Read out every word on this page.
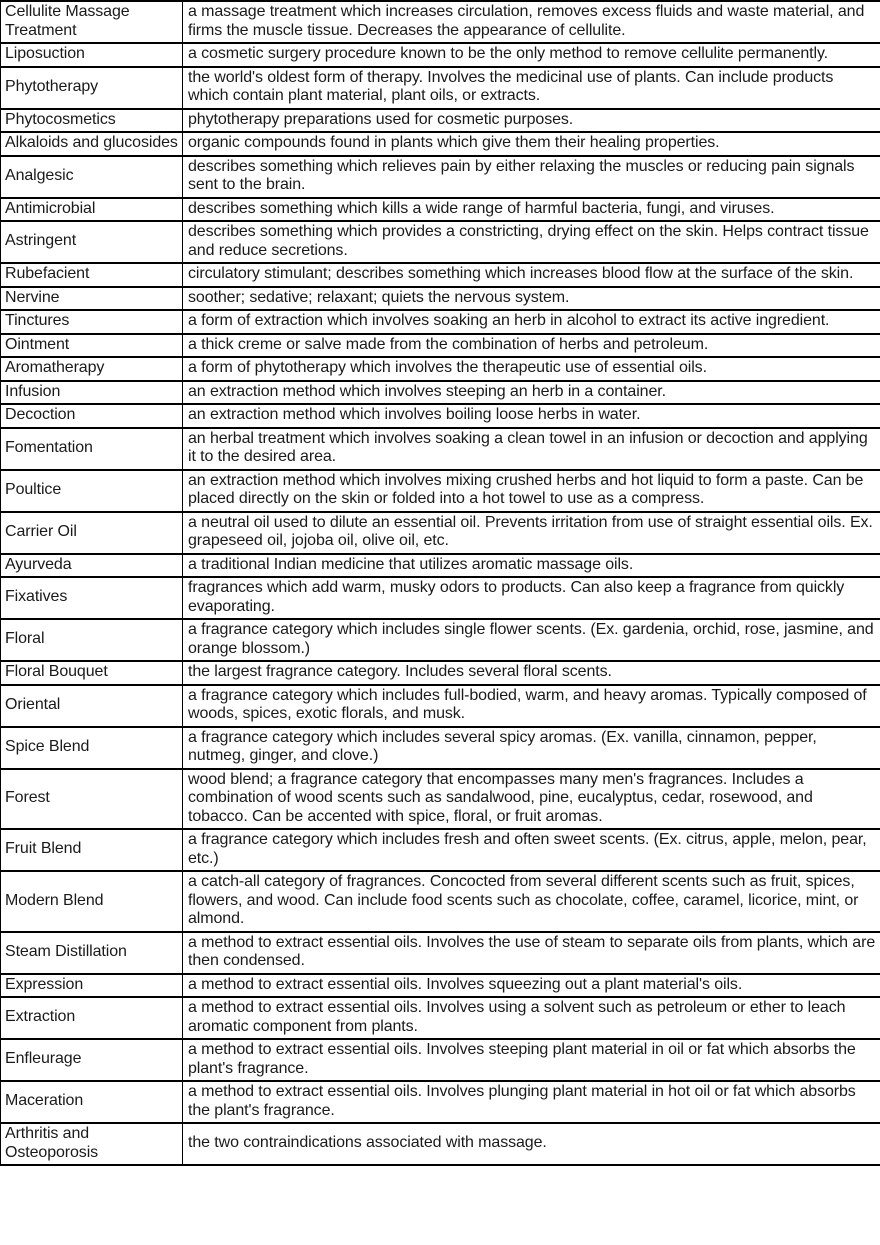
Cellulite Massage Treatment	a massage treatment which increases circulation, removes excess fluids and waste material, and firms the muscle tissue. Decreases the appearance of cellulite.
Liposuction	a cosmetic surgery procedure known to be the only method to remove cellulite permanently.
Phytotherapy	the world's oldest form of therapy. Involves the medicinal use of plants. Can include products which contain plant material, plant oils, or extracts.
Phytocosmetics	phytotherapy preparations used for cosmetic purposes.
Alkaloids and glucosides	organic compounds found in plants which give them their healing properties.
Analgesic	describes something which relieves pain by either relaxing the muscles or reducing pain signals sent to the brain.
Antimicrobial	describes something which kills a wide range of harmful bacteria, fungi, and viruses.
Astringent	describes something which provides a constricting, drying effect on the skin. Helps contract tissue and reduce secretions.
Rubefacient	circulatory stimulant; describes something which increases blood flow at the surface of the skin.
Nervine	soother; sedative; relaxant; quiets the nervous system.
Tinctures	a form of extraction which involves soaking an herb in alcohol to extract its active ingredient.
Ointment	a thick creme or salve made from the combination of herbs and petroleum.
Aromatherapy	a form of phytotherapy which involves the therapeutic use of essential oils.
Infusion	an extraction method which involves steeping an herb in a container.
Decoction	an extraction method which involves boiling loose herbs in water.
Fomentation	an herbal treatment which involves soaking a clean towel in an infusion or decoction and applying it to the desired area.
Poultice	an extraction method which involves mixing crushed herbs and hot liquid to form a paste. Can be placed directly on the skin or folded into a hot towel to use as a compress.
Carrier Oil	a neutral oil used to dilute an essential oil. Prevents irritation from use of straight essential oils. Ex. grapeseed oil, jojoba oil, olive oil, etc.
Ayurveda	a traditional Indian medicine that utilizes aromatic massage oils.
Fixatives	fragrances which add warm, musky odors to products. Can also keep a fragrance from quickly evaporating.
Floral	a fragrance category which includes single flower scents. (Ex. gardenia, orchid, rose, jasmine, and orange blossom.)
Floral Bouquet	the largest fragrance category. Includes several floral scents.
Oriental	a fragrance category which includes full-bodied, warm, and heavy aromas. Typically composed of woods, spices, exotic florals, and musk.
Spice Blend	a fragrance category which includes several spicy aromas. (Ex. vanilla, cinnamon, pepper, nutmeg, ginger, and clove.)
Forest	wood blend; a fragrance category that encompasses many men's fragrances. Includes a combination of wood scents such as sandalwood, pine, eucalyptus, cedar, rosewood, and tobacco. Can be accented with spice, floral, or fruit aromas.
Fruit Blend	a fragrance category which includes fresh and often sweet scents. (Ex. citrus, apple, melon, pear, etc.)
Modern Blend	a catch-all category of fragrances. Concocted from several different scents such as fruit, spices, flowers, and wood. Can include food scents such as chocolate, coffee, caramel, licorice, mint, or almond.
Steam Distillation	a method to extract essential oils. Involves the use of steam to separate oils from plants, which are then condensed.
Expression	a method to extract essential oils. Involves squeezing out a plant material's oils.
Extraction	a method to extract essential oils. Involves using a solvent such as petroleum or ether to leach aromatic component from plants.
Enfleurage	a method to extract essential oils. Involves steeping plant material in oil or fat which absorbs the plant's fragrance.
Maceration	a method to extract essential oils. Involves plunging plant material in hot oil or fat which absorbs the plant's fragrance.
Arthritis and Osteoporosis	the two contraindications associated with massage.
